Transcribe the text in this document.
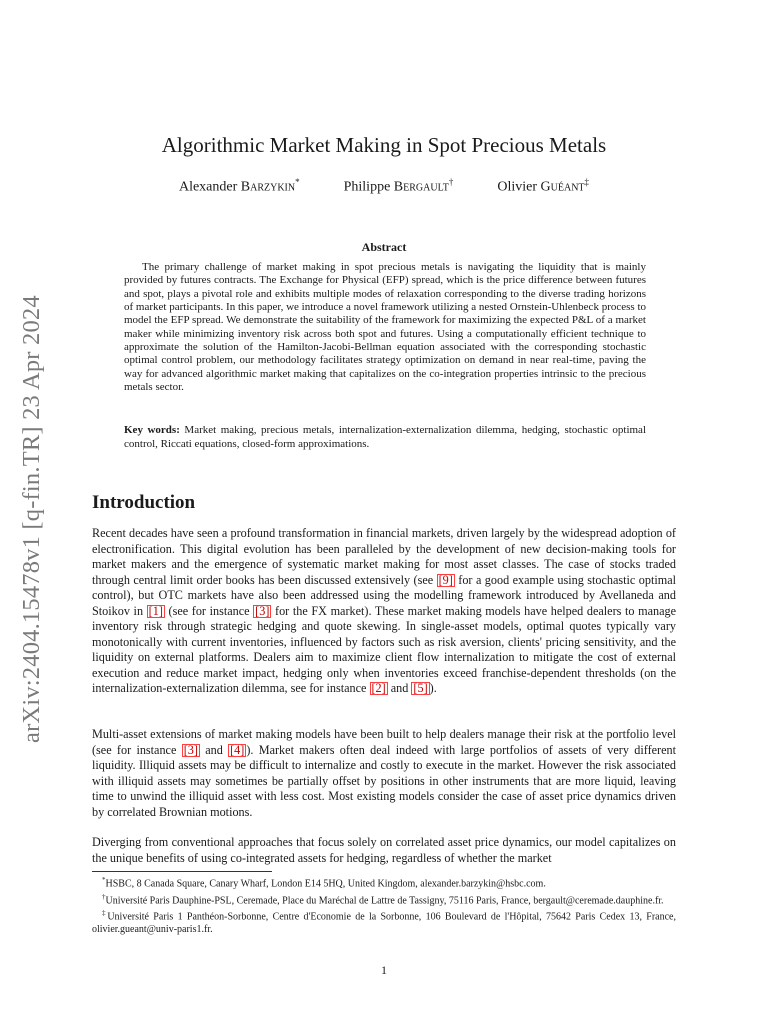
arXiv:2404.15478v1 [q-fin.TR] 23 Apr 2024
Algorithmic Market Making in Spot Precious Metals
Alexander Barzykin*	Philippe Bergault†	Olivier Guéant‡
Abstract

The primary challenge of market making in spot precious metals is navigating the liquidity that is mainly provided by futures contracts. The Exchange for Physical (EFP) spread, which is the price difference between futures and spot, plays a pivotal role and exhibits multiple modes of relaxation corresponding to the diverse trading horizons of market participants. In this paper, we introduce a novel framework utilizing a nested Ornstein-Uhlenbeck process to model the EFP spread. We demonstrate the suitability of the framework for maximizing the expected P&L of a market maker while minimizing inventory risk across both spot and futures. Using a computationally efficient technique to approximate the solution of the Hamilton-Jacobi-Bellman equation associated with the corresponding stochastic optimal control problem, our methodology facilitates strategy optimization on demand in near real-time, paving the way for advanced algorithmic market making that capitalizes on the co-integration properties intrinsic to the precious metals sector.

Key words: Market making, precious metals, internalization-externalization dilemma, hedging, stochastic optimal control, Riccati equations, closed-form approximations.

Introduction

Recent decades have seen a profound transformation in financial markets, driven largely by the widespread adoption of electronification. This digital evolution has been paralleled by the development of new decision-making tools for market makers and the emergence of systematic market making for most asset classes. The case of stocks traded through central limit order books has been discussed extensively (see [9] for a good example using stochastic optimal control), but OTC markets have also been addressed using the modelling framework introduced by Avellaneda and Stoikov in [1] (see for instance [3] for the FX market). These market making models have helped dealers to manage inventory risk through strategic hedging and quote skewing. In single-asset models, optimal quotes typically vary monotonically with current inventories, influenced by factors such as risk aversion, clients' pricing sensitivity, and the liquidity on external platforms. Dealers aim to maximize client flow internalization to mitigate the cost of external execution and reduce market impact, hedging only when inventories exceed franchise-dependent thresholds (on the internalization-externalization dilemma, see for instance [2] and [5] ).

Multi-asset extensions of market making models have been built to help dealers manage their risk at the portfolio level (see for instance [3] and [4] ). Market makers often deal indeed with large portfolios of assets of very different liquidity. Illiquid assets may be difficult to internalize and costly to execute in the market. However the risk associated with illiquid assets may sometimes be partially offset by positions in other instruments that are more liquid, leaving time to unwind the illiquid asset with less cost. Most existing models consider the case of asset price dynamics driven by correlated Brownian motions.

Diverging from conventional approaches that focus solely on correlated asset price dynamics, our model capitalizes on the unique benefits of using co-integrated assets for hedging, regardless of whether the market

*HSBC, 8 Canada Square, Canary Wharf, London E14 5HQ, United Kingdom, alexander.barzykin@hsbc.com.

†Université Paris Dauphine-PSL, Ceremade, Place du Maréchal de Lattre de Tassigny, 75116 Paris, France, bergault@ceremade.dauphine.fr.

‡Université Paris 1 Panthéon-Sorbonne, Centre d'Economie de la Sorbonne, 106 Boulevard de l'Hôpital, 75642 Paris Cedex 13, France, olivier.gueant@univ-paris1.fr.

1
